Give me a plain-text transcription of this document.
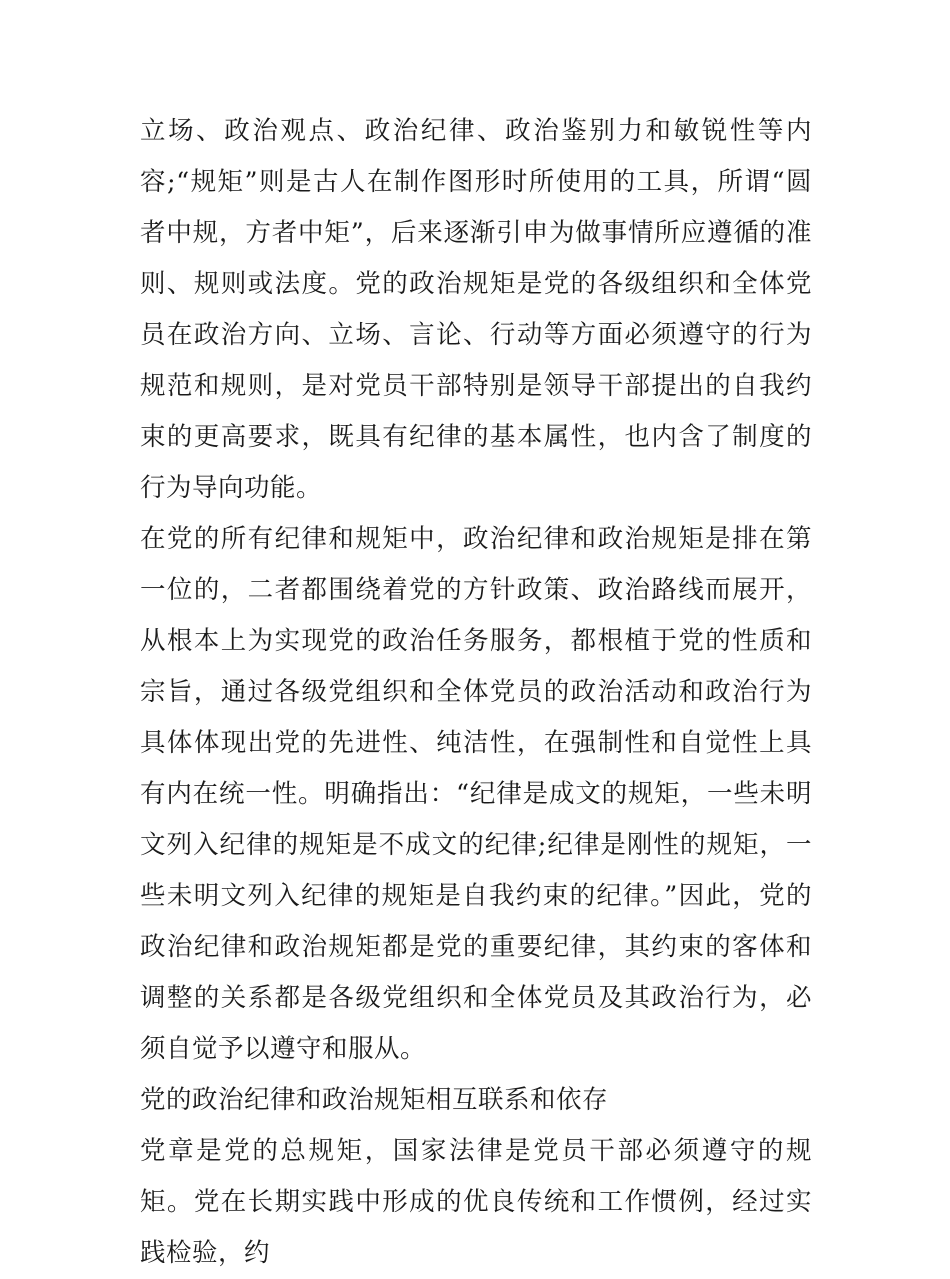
立场、政治观点、政治纪律、政治鉴别力和敏锐性等内容;“规矩”则是古人在制作图形时所使用的工具，所谓“圆者中规，方者中矩”，后来逐渐引申为做事情所应遵循的准则、规则或法度。党的政治规矩是党的各级组织和全体党员在政治方向、立场、言论、行动等方面必须遵守的行为规范和规则，是对党员干部特别是领导干部提出的自我约束的更高要求，既具有纪律的基本属性，也内含了制度的行为导向功能。

在党的所有纪律和规矩中，政治纪律和政治规矩是排在第一位的，二者都围绕着党的方针政策、政治路线而展开，从根本上为实现党的政治任务服务，都根植于党的性质和宗旨，通过各级党组织和全体党员的政治活动和政治行为具体体现出党的先进性、纯洁性，在强制性和自觉性上具有内在统一性。明确指出：“纪律是成文的规矩，一些未明文列入纪律的规矩是不成文的纪律;纪律是刚性的规矩，一些未明文列入纪律的规矩是自我约束的纪律。”因此，党的政治纪律和政治规矩都是党的重要纪律，其约束的客体和调整的关系都是各级党组织和全体党员及其政治行为，必须自觉予以遵守和服从。

党的政治纪律和政治规矩相互联系和依存

党章是党的总规矩，国家法律是党员干部必须遵守的规矩。党在长期实践中形成的优良传统和工作惯例，经过实践检验，约
